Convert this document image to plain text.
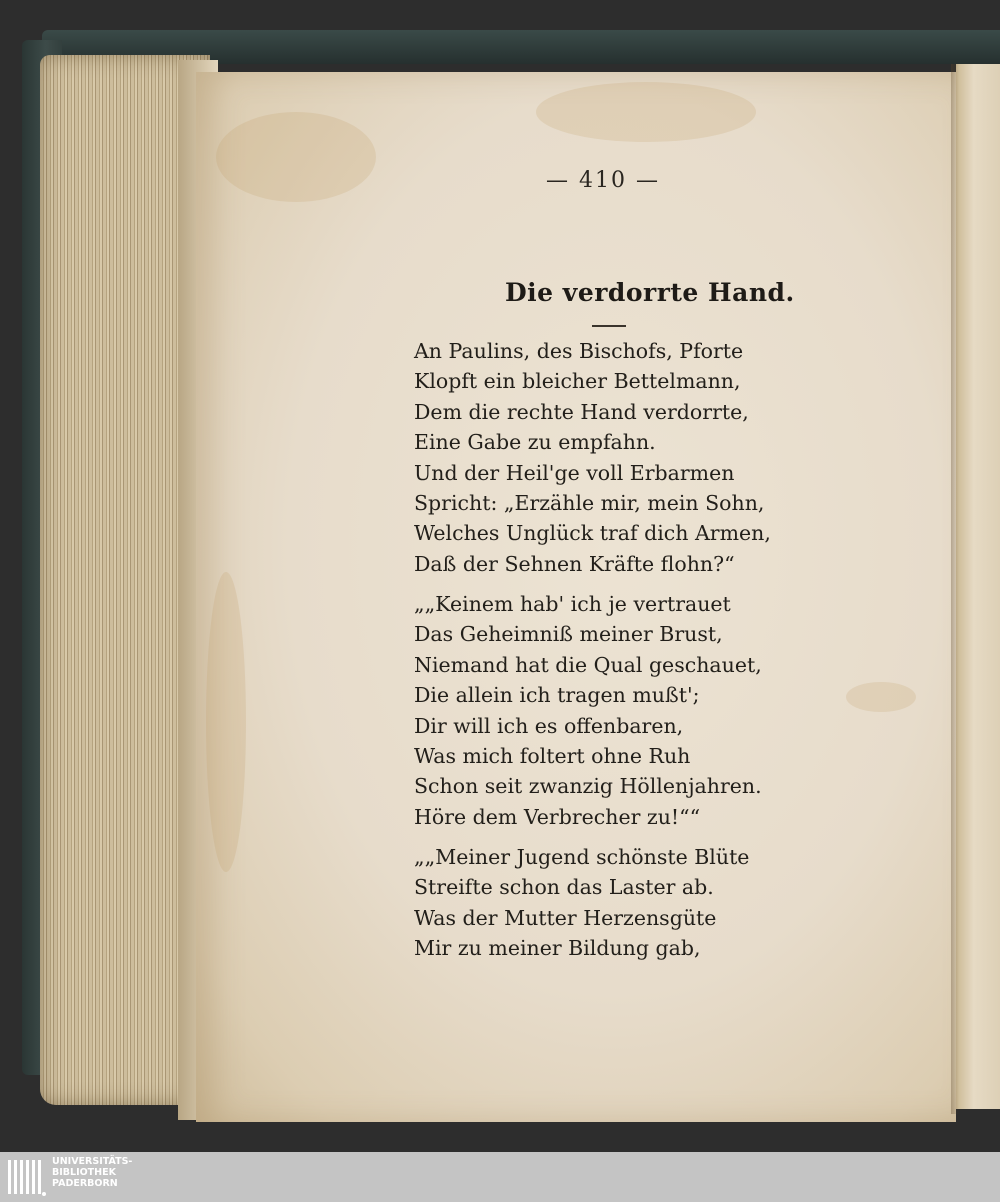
— 410 —
Die verdorrte Hand.
An Paulins, des Bischofs, Pforte
Klopft ein bleicher Bettelmann,
Dem die rechte Hand verdorrte,
Eine Gabe zu empfahn.
Und der Heil'ge voll Erbarmen
Spricht: „Erzähle mir, mein Sohn,
Welches Unglück traf dich Armen,
Daß der Sehnen Kräfte flohn?“
„„Keinem hab' ich je vertrauet
Das Geheimniß meiner Brust,
Niemand hat die Qual geschauet,
Die allein ich tragen mußt';
Dir will ich es offenbaren,
Was mich foltert ohne Ruh
Schon seit zwanzig Höllenjahren.
Höre dem Verbrecher zu!““
„„Meiner Jugend schönste Blüte
Streifte schon das Laster ab.
Was der Mutter Herzensgüte
Mir zu meiner Bildung gab,
UNIVERSITÄTS-
BIBLIOTHEK
PADERBORN
